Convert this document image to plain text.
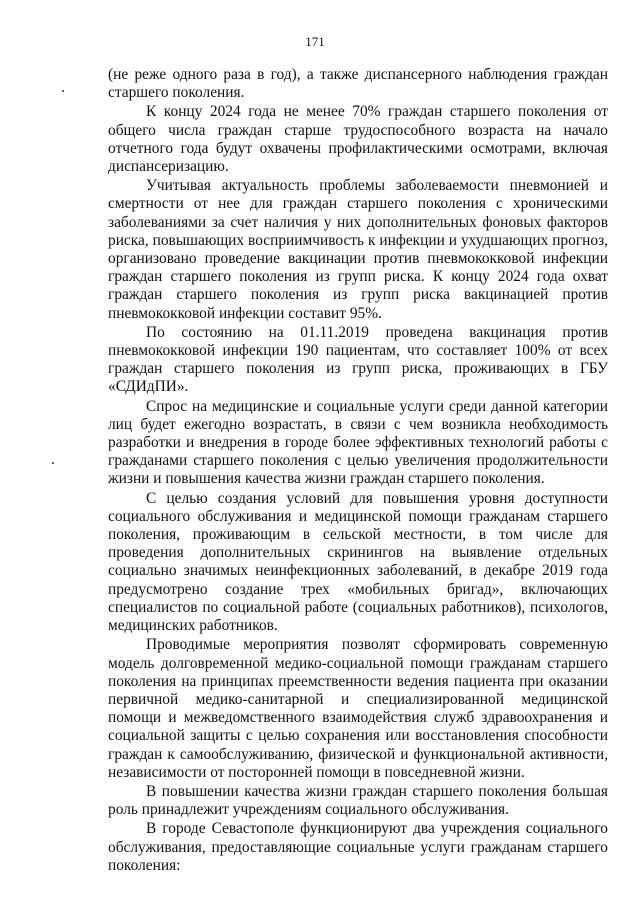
171

(не реже одного раза в год), а также диспансерного наблюдения граждан старшего поколения.

К концу 2024 года не менее 70% граждан старшего поколения от общего числа граждан старше трудоспособного возраста на начало отчетного года будут охвачены профилактическими осмотрами, включая диспансеризацию.

Учитывая актуальность проблемы заболеваемости пневмонией и смертности от нее для граждан старшего поколения с хроническими заболеваниями за счет наличия у них дополнительных фоновых факторов риска, повышающих восприимчивость к инфекции и ухудшающих прогноз, организовано проведение вакцинации против пневмококковой инфекции граждан старшего поколения из групп риска. К концу 2024 года охват граждан старшего поколения из групп риска вакцинацией против пневмококковой инфекции составит 95%.

По состоянию на 01.11.2019 проведена вакцинация против пневмококковой инфекции 190 пациентам, что составляет 100% от всех граждан старшего поколения из групп риска, проживающих в ГБУ «СДИдПИ».

Спрос на медицинские и социальные услуги среди данной категории лиц будет ежегодно возрастать, в связи с чем возникла необходимость разработки и внедрения в городе более эффективных технологий работы с гражданами старшего поколения с целью увеличения продолжительности жизни и повышения качества жизни граждан старшего поколения.

С целью создания условий для повышения уровня доступности социального обслуживания и медицинской помощи гражданам старшего поколения, проживающим в сельской местности, в том числе для проведения дополнительных скринингов на выявление отдельных социально значимых неинфекционных заболеваний, в декабре 2019 года предусмотрено создание трех «мобильных бригад», включающих специалистов по социальной работе (социальных работников), психологов, медицинских работников.

Проводимые мероприятия позволят сформировать современную модель долговременной медико-социальной помощи гражданам старшего поколения на принципах преемственности ведения пациента при оказании первичной медико-санитарной и специализированной медицинской помощи и межведомственного взаимодействия служб здравоохранения и социальной защиты с целью сохранения или восстановления способности граждан к самообслуживанию, физической и функциональной активности, независимости от посторонней помощи в повседневной жизни.

В повышении качества жизни граждан старшего поколения большая роль принадлежит учреждениям социального обслуживания.

В городе Севастополе функционируют два учреждения социального обслуживания, предоставляющие социальные услуги гражданам старшего поколения:
